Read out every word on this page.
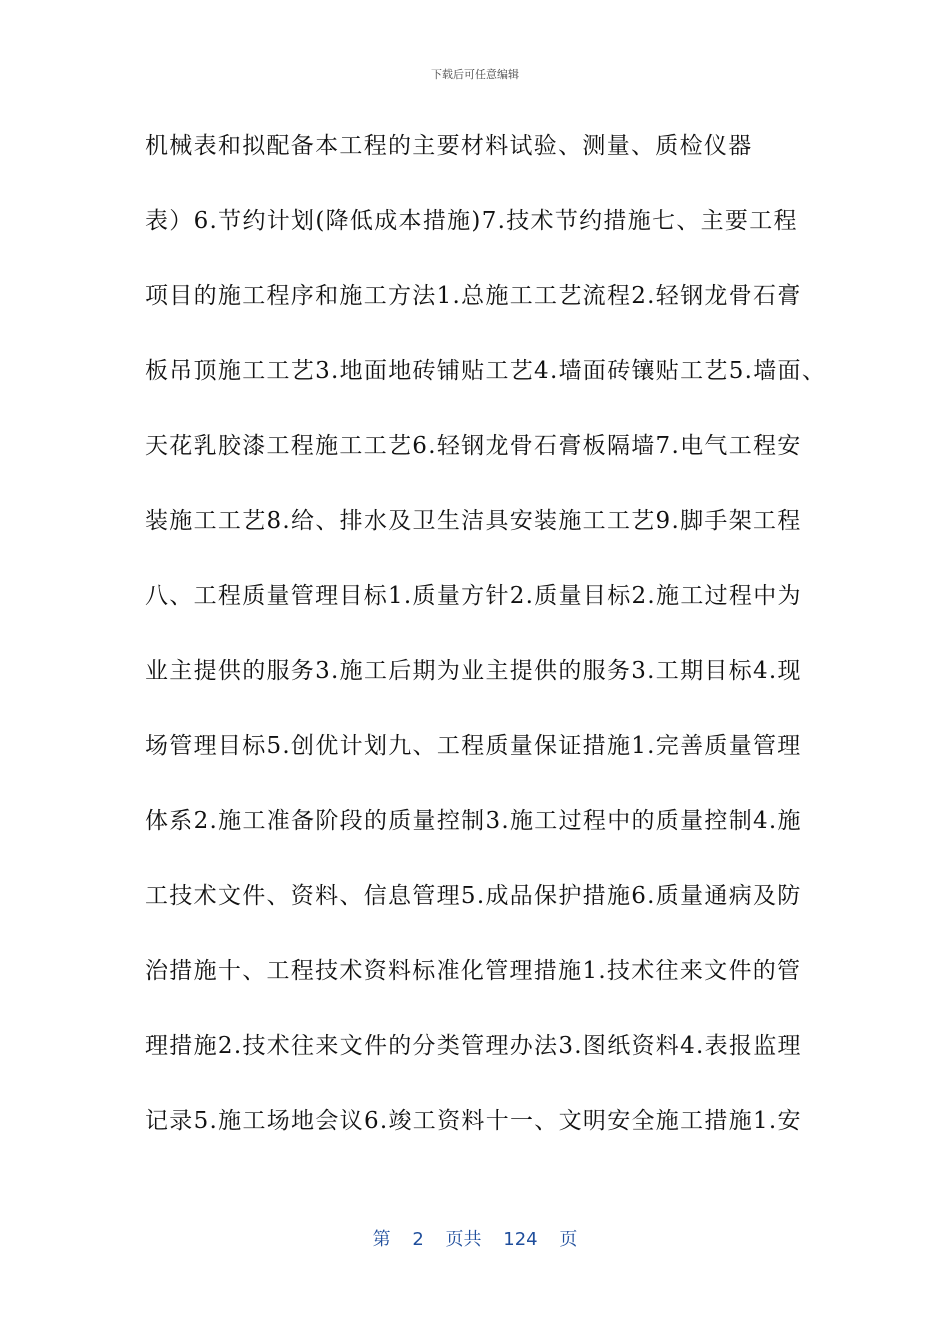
下载后可任意编辑
机械表和拟配备本工程的主要材料试验、测量、质检仪器
表）6.节约计划(降低成本措施)7.技术节约措施七、主要工程
项目的施工程序和施工方法1.总施工工艺流程2.轻钢龙骨石膏
板吊顶施工工艺3.地面地砖铺贴工艺4.墙面砖镶贴工艺5.墙面、
天花乳胶漆工程施工工艺6.轻钢龙骨石膏板隔墙7.电气工程安
装施工工艺8.给、排水及卫生洁具安装施工工艺9.脚手架工程
八、工程质量管理目标1.质量方针2.质量目标2.施工过程中为
业主提供的服务3.施工后期为业主提供的服务3.工期目标4.现
场管理目标5.创优计划九、工程质量保证措施1.完善质量管理
体系2.施工准备阶段的质量控制3.施工过程中的质量控制4.施
工技术文件、资料、信息管理5.成品保护措施6.质量通病及防
治措施十、工程技术资料标准化管理措施1.技术往来文件的管
理措施2.技术往来文件的分类管理办法3.图纸资料4.表报监理
记录5.施工场地会议6.竣工资料十一、文明安全施工措施1.安
第 2 页共 124 页
